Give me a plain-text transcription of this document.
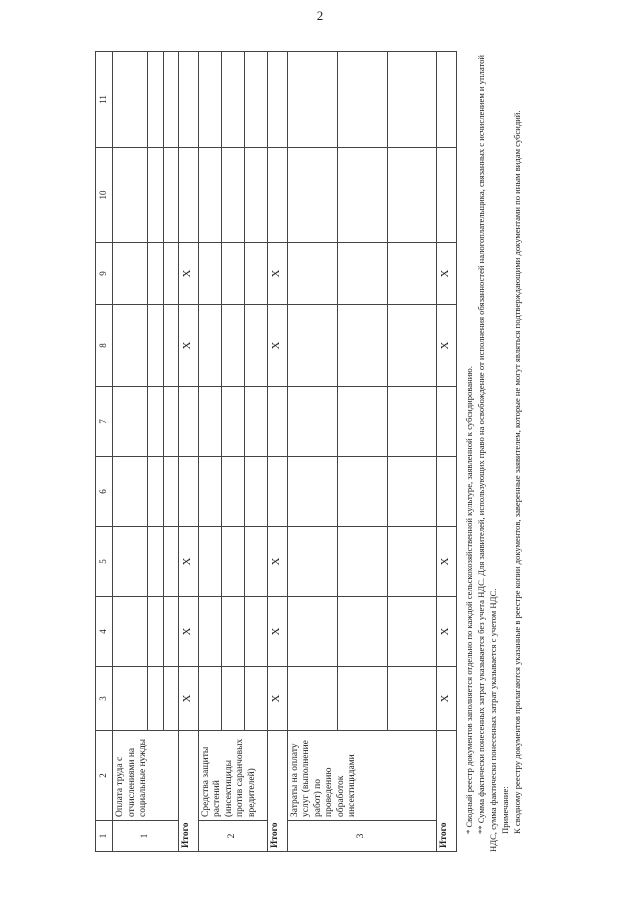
2
1	2	3	4	5	6	7	8	9	10	11
1	Оплата труда с отчислениями на социальные нужды									

Итого		X	X	X			X	X		
2	Средства защиты растений (инсектициды против саранчовых вредителей)									

Итого		X	X	X			X	X		
3	Затраты на оплату услуг (выполнение работ) по проведению обработок инсектицидами									

Итого		X	X	X			X	X		

* Сводный реестр документов заполняется отдельно по каждой сельскохозяйственной культуре, заявленной к субсидированию. ** Сумма фактически понесенных затрат указывается без учета НДС. Для заявителей, использующих право на освобождение от исполнения обязанностей налогоплательщика, связанных с исчислением и уплатой НДС, сумма фактически понесенных затрат указывается с учетом НДС. Примечание: К сводному реестру документов прилагаются указанные в реестре копии документов, заверенные заявителем, которые не могут являться подтверждающими документами по иным видам субсидий.
